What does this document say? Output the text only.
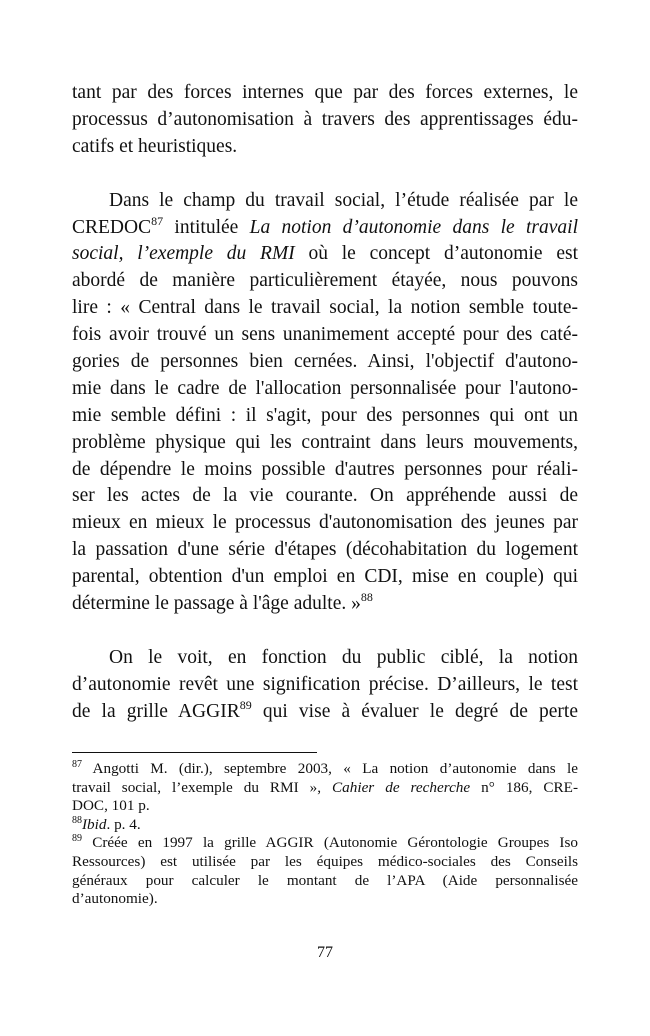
tant par des forces internes que par des forces externes, le
processus d’autonomisation à travers des apprentissages édu-
catifs et heuristiques.
Dans le champ du travail social, l’étude réalisée par le
CREDOC$^{87}$ intitulée La notion d’autonomie dans le travail
social, l’exemple du RMI où le concept d’autonomie est
abordé de manière particulièrement étayée, nous pouvons
lire : « Central dans le travail social, la notion semble toute-
fois avoir trouvé un sens unanimement accepté pour des caté-
gories de personnes bien cernées. Ainsi, l'objectif d'autono-
mie dans le cadre de l'allocation personnalisée pour l'autono-
mie semble défini : il s'agit, pour des personnes qui ont un
problème physique qui les contraint dans leurs mouvements,
de dépendre le moins possible d'autres personnes pour réali-
ser les actes de la vie courante. On appréhende aussi de
mieux en mieux le processus d'autonomisation des jeunes par
la passation d'une série d'étapes (décohabitation du logement
parental, obtention d'un emploi en CDI, mise en couple) qui
détermine le passage à l'âge adulte. »$^{88}$
On le voit, en fonction du public ciblé, la notion
d’autonomie revêt une signification précise. D’ailleurs, le test
de la grille AGGIR$^{89}$ qui vise à évaluer le degré de perte
$^{87}$ Angotti M. (dir.), septembre 2003, « La notion d’autonomie dans le
travail social, l’exemple du RMI », Cahier de recherche n° 186, CRE-
DOC, 101 p.
$^{88}$Ibid. p. 4.
$^{89}$ Créée en 1997 la grille AGGIR (Autonomie Gérontologie Groupes Iso
Ressources) est utilisée par les équipes médico-sociales des Conseils
généraux pour calculer le montant de l’APA (Aide personnalisée
d’autonomie).
77
